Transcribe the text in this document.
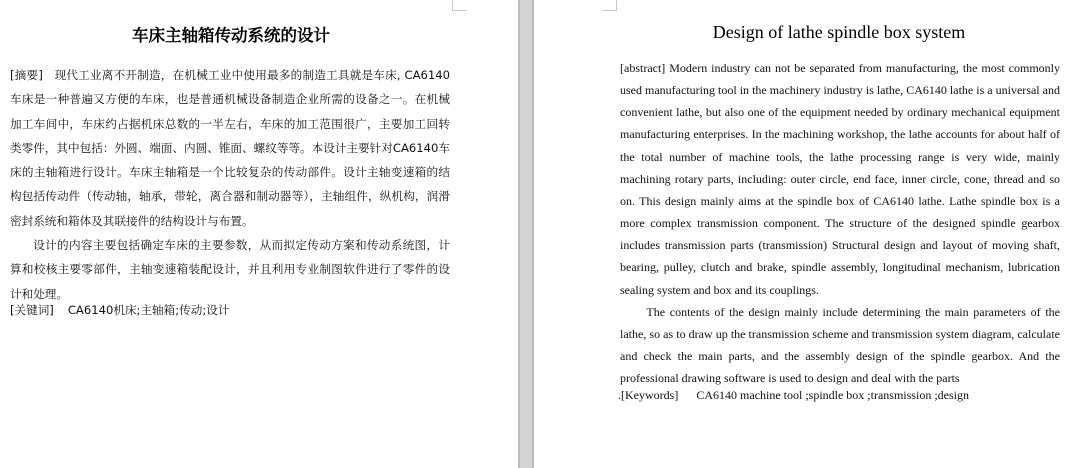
车床主轴箱传动系统的设计

[摘要] 现代工业离不开制造，在机械工业中使用最多的制造工具就是车床, CA6140车床是一种普遍又方便的车床，也是普通机械设备制造企业所需的设备之一。在机械加工车间中，车床约占据机床总数的一半左右，车床的加工范围很广，主要加工回转类零件，其中包括：外圆、端面、内圆、锥面、螺纹等等。本设计主要针对CA6140车床的主轴箱进行设计。车床主轴箱是一个比较复杂的传动部件。设计主轴变速箱的结构包括传动件（传动轴，轴承，带轮，离合器和制动器等），主轴组件，纵机构，润滑密封系统和箱体及其联接件的结构设计与布置。

设计的内容主要包括确定车床的主要参数，从而拟定传动方案和传动系统图，计算和校核主要零部件，主轴变速箱装配设计，并且利用专业制图软件进行了零件的设计和处理。

[关键词] CA6140机床;主轴箱;传动;设计
Design of lathe spindle box system

[abstract] Modern industry can not be separated from manufacturing, the most commonly used manufacturing tool in the machinery industry is lathe, CA6140 lathe is a universal and convenient lathe, but also one of the equipment needed by ordinary mechanical equipment manufacturing enterprises. In the machining workshop, the lathe accounts for about half of the total number of machine tools, the lathe processing range is very wide, mainly machining rotary parts, including: outer circle, end face, inner circle, cone, thread and so on. This design mainly aims at the spindle box of CA6140 lathe. Lathe spindle box is a more complex transmission component. The structure of the designed spindle gearbox includes transmission parts (transmission) Structural design and layout of moving shaft, bearing, pulley, clutch and brake, spindle assembly, longitudinal mechanism, lubrication sealing system and box and its couplings.

The contents of the design mainly include determining the main parameters of the lathe, so as to draw up the transmission scheme and transmission system diagram, calculate and check the main parts, and the assembly design of the spindle gearbox. And the professional drawing software is used to design and deal with the parts

.[Keywords] CA6140 machine tool ;spindle box ;transmission ;design
